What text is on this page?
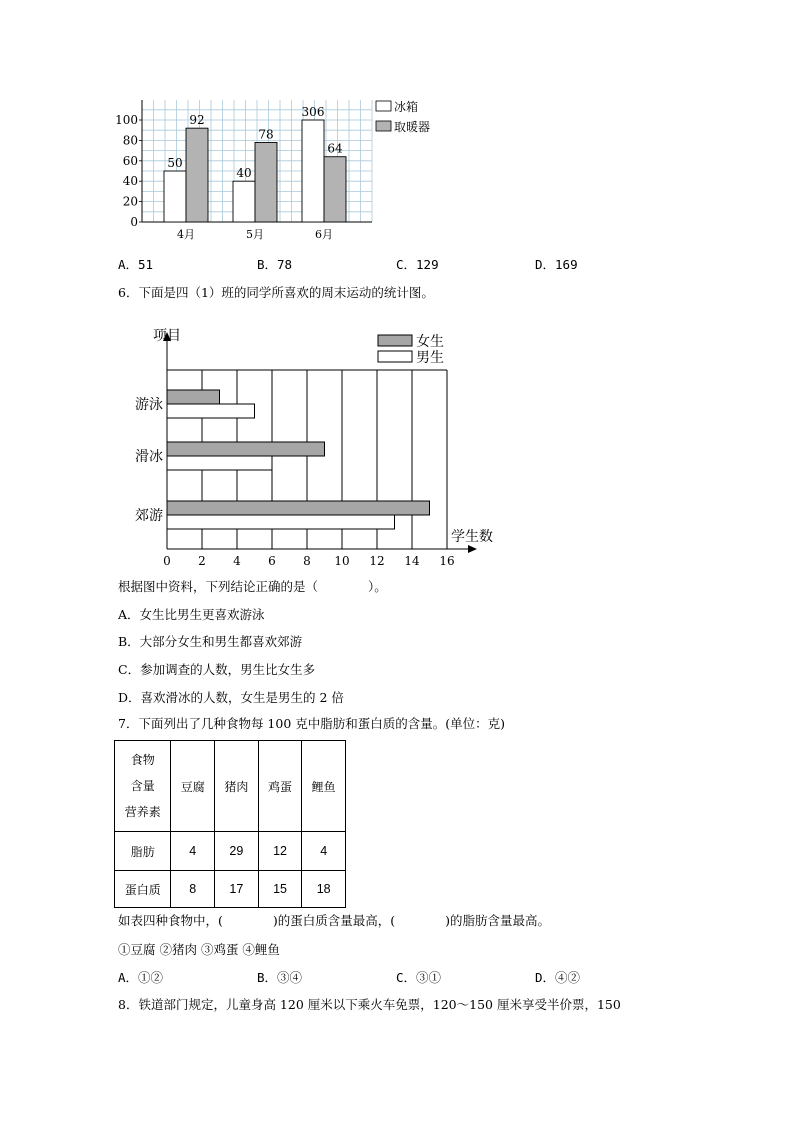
0
20
40
60
80
100
4月
50
92
5月
40
78
6月
306
64
冰箱
取暖器
A．51	B．78	C．129	D．169
6．下面是四（1）班的同学所喜欢的周末运动的统计图。
游泳
滑冰
郊游
0 2 4 6 8 10 12 14 16
学生数
项目	女生
男生
根据图中资料，下列结论正确的是（　　　　）。
A．女生比男生更喜欢游泳
B．大部分女生和男生都喜欢郊游
C．参加调查的人数，男生比女生多
D．喜欢滑冰的人数，女生是男生的 2 倍
7．下面列出了几种食物每 100 克中脂肪和蛋白质的含量。(单位：克)
食物
含量
营养素	豆腐	猪肉	鸡蛋	鲤鱼
脂肪	4	29	12	4
蛋白质	8	17	15	18
如表四种食物中，(　　　　)的蛋白质含量最高，(　　　　)的脂肪含量最高。
①豆腐 ②猪肉 ③鸡蛋 ④鲤鱼
A．①②	B．③④	C．③①	D．④②
8．铁道部门规定，儿童身高 120 厘米以下乘火车免票，120～150 厘米享受半价票，150
